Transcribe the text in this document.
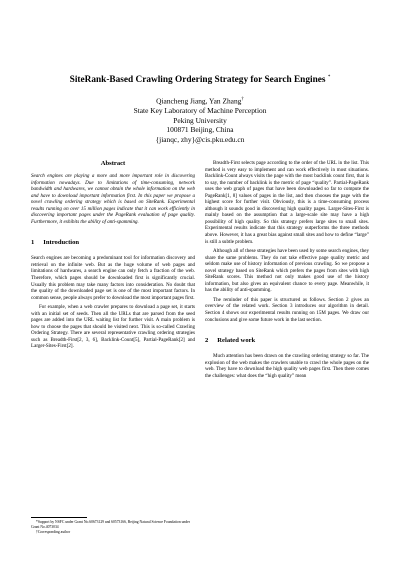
SiteRank-Based Crawling Ordering Strategy for Search Engines *
Qiancheng Jiang, Yan Zhang†
State Key Laboratory of Machine Perception
Peking University
100871 Beijing, China
{jianqc, zhy}@cis.pku.edu.cn
Abstract
Search engines are playing a more and more important role in discovering information nowadays. Due to limitations of time-consuming, network bandwidth and hardwares, we cannot obtain the whole information on the web and have to download important information first. In this paper we propose a novel crawling ordering strategy which is based on SiteRank. Experimental results running on over 15 million pages indicate that it can work efficiently in discovering important pages under the PageRank evaluation of page quality. Furthermore, it exhibits the ability of anti-spamming.
1 Introduction
Search engines are becoming a predominant tool for information discovery and retrieval on the infinite web. But as the huge volume of web pages and limitations of hardwares, a search engine can only fetch a fraction of the web. Therefore, which pages should be downloaded first is significantly crucial. Usually this problem may take many factors into consideration. No doubt that the quality of the downloaded page set is one of the most important factors. In common sense, people always prefer to download the most important pages first.
For example, when a web crawler prepares to download a page set, it starts with an initial set of seeds. Then all the URLs that are parsed from the seed pages are added into the URL waiting list for further visit. A main problem is how to choose the pages that should be visited next. This is so-called Crawling Ordering Strategy. There are several representative crawling ordering strategies such as Breadth-First[2, 3, 6], Backlink-Count[5], Partial-PageRank[2] and Larger-Sites-First[2].
*Support by NSFC under Grant No.60673129 and 60573166, Beijing Natural Science Foundation under Grant No.4073034
†Corresponding author
Breadth-First selects page according to the order of the URL in the list. This method is very easy to implement and can work effectively in most situations. Backlink-Count always visits the page with the most backlink count first, that is to say, the number of backlink is the metric of page “quality”. Partial-PageRank uses the web graph of pages that have been downloaded so far to compute the PageRank[1, 8] values of pages in the list, and then chooses the page with the highest score for further visit. Obviously, this is a time-consuming process although it sounds good in discovering high quality pages. Larger-Sites-First is mainly based on the assumption that a large-scale site may have a high possibility of high quality. So this strategy prefers large sites to small sites. Experimental results indicate that this strategy outperforms the three methods above. However, it has a great bias against small sites and how to define “large” is still a subtle problem.
Although all of these strategies have been used by some search engines, they share the same problems. They do not take effective page quality metric and seldom make use of history information of previous crawling. So we propose a novel strategy based on SiteRank which prefers the pages from sites with high SiteRank scores. This method not only makes good use of the history information, but also gives an equivalent chance to every page. Meanwhile, it has the ability of anti-spamming.
The reminder of this paper is structured as follows. Section 2 gives an overview of the related work. Section 3 introduces our algorithm in detail. Section 4 shows our experimental results running on 15M pages. We draw our conclusions and give some future work in the last section.
2 Related work
Much attention has been drawn on the crawling ordering strategy so far. The explosion of the web makes the crawlers unable to crawl the whole pages on the web. They have to download the high quality web pages first. Then there comes the challenges: what does the “high quality” mean
